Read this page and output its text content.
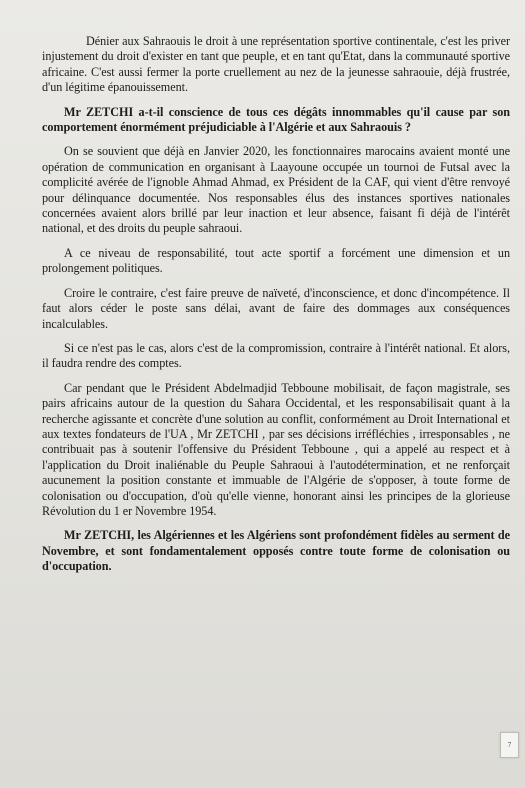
Dénier aux Sahraouis le droit à une représentation sportive continentale, c'est les priver injustement du droit d'exister en tant que peuple, et en tant qu'Etat, dans la communauté sportive africaine. C'est aussi fermer la porte cruellement au nez de la jeunesse sahraouie, déjà frustrée, d'un légitime épanouissement.

Mr ZETCHI a-t-il conscience de tous ces dégâts innommables qu'il cause par son comportement énormément préjudiciable à l'Algérie et aux Sahraouis ?

On se souvient que déjà en Janvier 2020, les fonctionnaires marocains avaient monté une opération de communication en organisant à Laayoune occupée un tournoi de Futsal avec la complicité avérée de l'ignoble Ahmad Ahmad, ex Président de la CAF, qui vient d'être renvoyé pour délinquance documentée. Nos responsables élus des instances sportives nationales concernées avaient alors brillé par leur inaction et leur absence, faisant fi déjà de l'intérêt national, et des droits du peuple sahraoui.

A ce niveau de responsabilité, tout acte sportif a forcément une dimension et un prolongement politiques.

Croire le contraire, c'est faire preuve de naïveté, d'inconscience, et donc d'incompétence. Il faut alors céder le poste sans délai, avant de faire des dommages aux conséquences incalculables.

Si ce n'est pas le cas, alors c'est de la compromission, contraire à l'intérêt national. Et alors, il faudra rendre des comptes.

Car pendant que le Président Abdelmadjid Tebboune mobilisait, de façon magistrale, ses pairs africains autour de la question du Sahara Occidental, et les responsabilisait quant à la recherche agissante et concrète d'une solution au conflit, conformément au Droit International et aux textes fondateurs de l'UA , Mr ZETCHI , par ses décisions irréfléchies , irresponsables , ne contribuait pas à soutenir l'offensive du Président Tebboune , qui a appelé au respect et à l'application du Droit inaliénable du Peuple Sahraoui à l'autodétermination, et ne renforçait aucunement la position constante et immuable de l'Algérie de s'opposer, à toute forme de colonisation ou d'occupation, d'où qu'elle vienne, honorant ainsi les principes de la glorieuse Révolution du 1 er Novembre 1954.

Mr ZETCHI, les Algériennes et les Algériens sont profondément fidèles au serment de Novembre, et sont fondamentalement opposés contre toute forme de colonisation ou d'occupation.

7
